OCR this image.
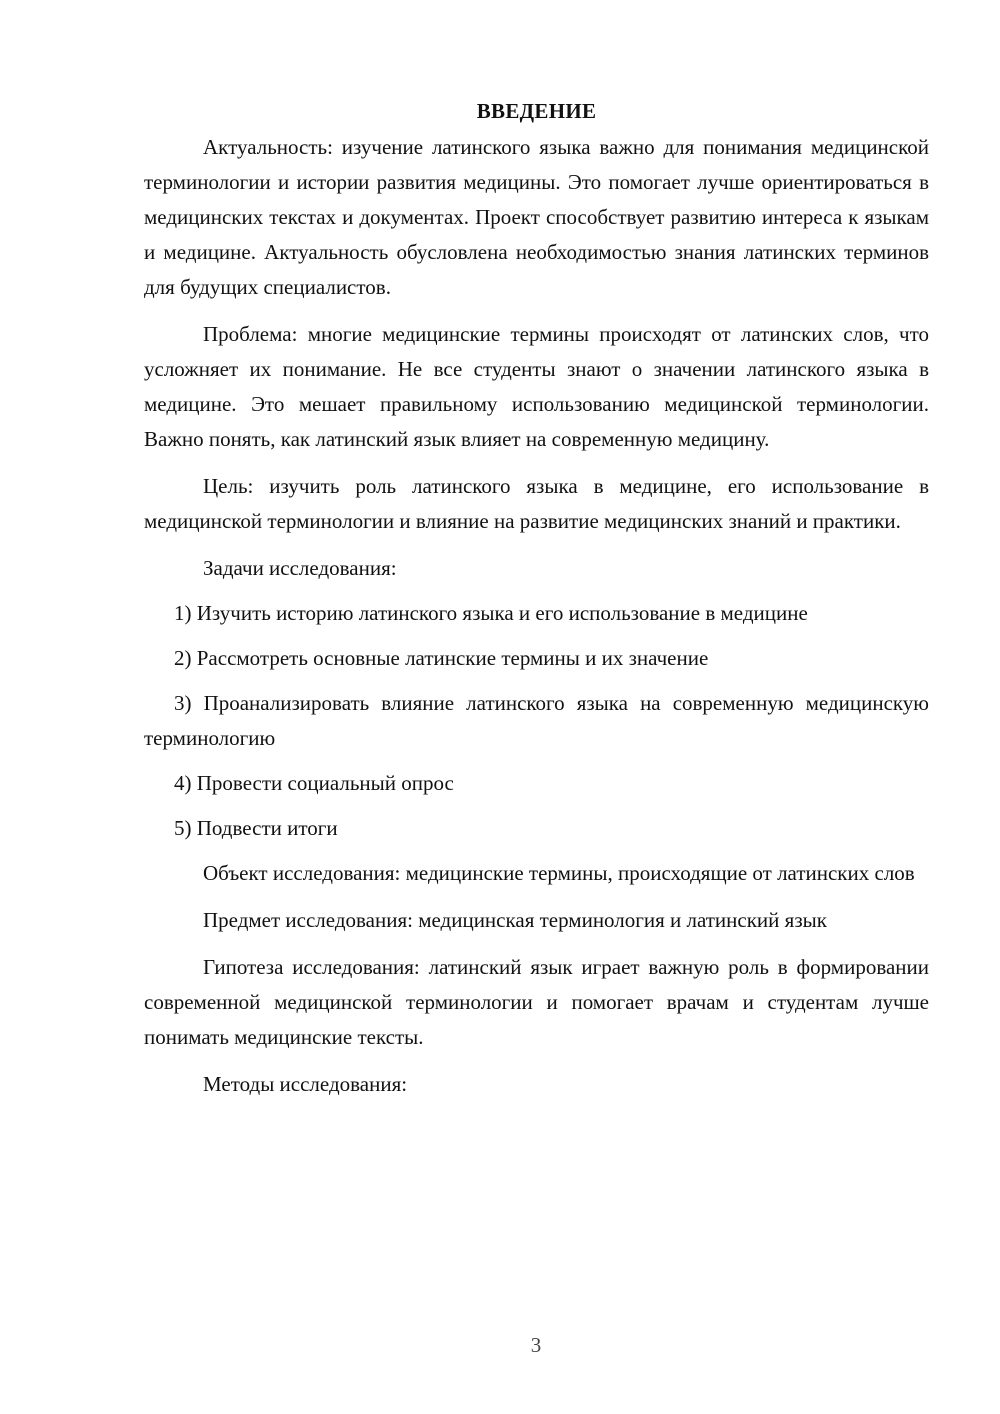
ВВЕДЕНИЕ

Актуальность: изучение латинского языка важно для понимания медицинской терминологии и истории развития медицины. Это помогает лучше ориентироваться в медицинских текстах и документах. Проект способствует развитию интереса к языкам и медицине. Актуальность обусловлена необходимостью знания латинских терминов для будущих специалистов.

Проблема: многие медицинские термины происходят от латинских слов, что усложняет их понимание. Не все студенты знают о значении латинского языка в медицине. Это мешает правильному использованию медицинской терминологии. Важно понять, как латинский язык влияет на современную медицину.

Цель: изучить роль латинского языка в медицине, его использование в медицинской терминологии и влияние на развитие медицинских знаний и практики.

Задачи исследования:

1) Изучить историю латинского языка и его использование в медицине

2) Рассмотреть основные латинские термины и их значение

3) Проанализировать влияние латинского языка на современную медицинскую терминологию

4) Провести социальный опрос

5) Подвести итоги

Объект исследования: медицинские термины, происходящие от латинских слов

Предмет исследования: медицинская терминология и латинский язык

Гипотеза исследования: латинский язык играет важную роль в формировании современной медицинской терминологии и помогает врачам и студентам лучше понимать медицинские тексты.

Методы исследования:

3
